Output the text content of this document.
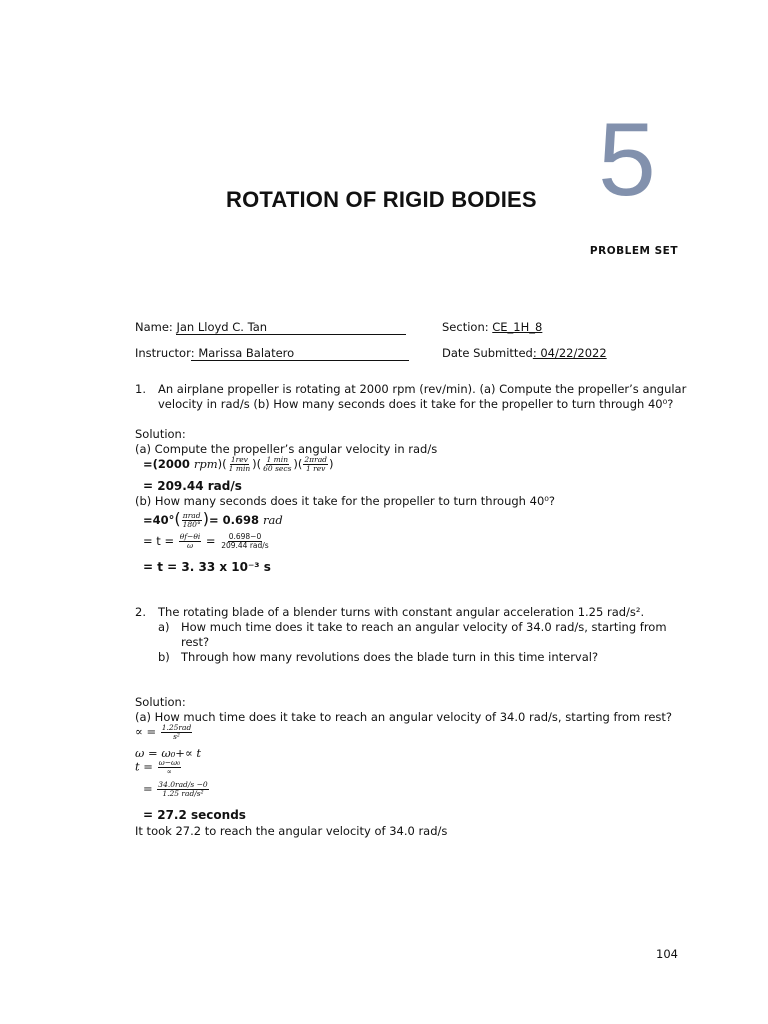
ROTATION OF RIGID BODIES 5
PROBLEM SET
Name: Jan Lloyd C. Tan	Section: CE_1H_8
Instructor: Marissa Balatero	Date Submitted: 04/22/2022
1. An airplane propeller is rotating at 2000 rpm (rev/min). (a) Compute the propeller’s angular
velocity in rad/s (b) How many seconds does it take for the propeller to turn through 40⁰?
Solution:
(a) Compute the propeller’s angular velocity in rad/s
=(2000 $rpm)( \frac{\text{1rev}}{1 \min}$ )( $\frac{1 \min}{60 \sec s}$ )( $\frac{\text{2πrad}}{\text{1 rev}}$ )
= 209.44 rad/s
(b) How many seconds does it take for the propeller to turn through 40⁰?
$=40^\circ( \frac{\text{πrad}}{180^\circ}$ )= 0.698 rad
= $t = \frac{\theta f-\theta i}{\omega} = \frac{0.698-0}{\text{209.44 rad/s}}$
= t = 3. 33 x 10⁻³ s
2. The rotating blade of a blender turns with constant angular acceleration 1.25 rad/s².
a) How much time does it take to reach an angular velocity of 34.0 rad/s, starting from
rest?
b) Through how many revolutions does the blade turn in this time interval?
Solution:
(a) How much time does it take to reach an angular velocity of 34.0 rad/s, starting from rest?
∝ = $\frac{\text{1.25rad}}{\text{s²}}$
ω = ω₀+∝ t
$t = \frac{\text{ω−ω₀}}{\propto}$
= $\frac{\text{34.0rad/s −0}}{\text{1.25 rad/s²}}$
= 27.2 seconds
It took 27.2 to reach the angular velocity of 34.0 rad/s
104
